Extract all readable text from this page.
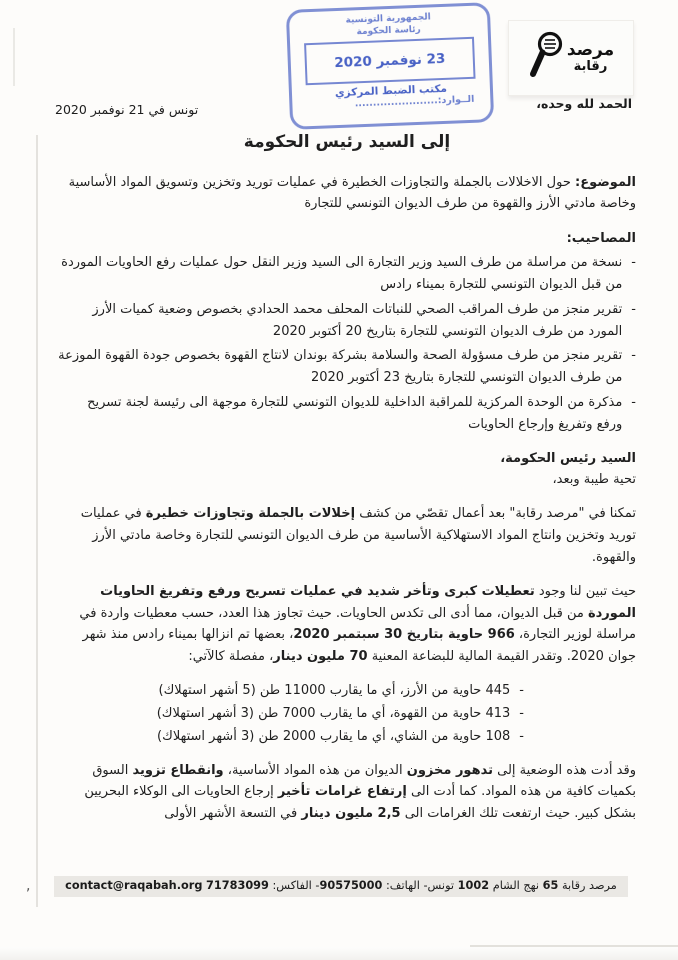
,
الجمهورية التونسية
رئاسة الحكومة
23 نوفمبر 2020
مكتب الضبط المركزي
الــوارد:.......................
مرصد
رقابة
الحمد لله وحده،
تونس في 21 نوفمبر 2020
إلى السيد رئيس الحكومة

الموضوع: حول الاخلالات بالجملة والتجاوزات الخطيرة في عمليات توريد وتخزين وتسويق المواد الأساسية وخاصة مادتي الأرز والقهوة من طرف الديوان التونسي للتجارة

المصاحيب:
-
نسخة من مراسلة من طرف السيد وزير التجارة الى السيد وزير النقل حول عمليات رفع الحاويات الموردة من قبل الديوان التونسي للتجارة بميناء رادس
-
تقرير منجز من طرف المراقب الصحي للنباتات المحلف محمد الحدادي بخصوص وضعية كميات الأرز المورد من طرف الديوان التونسي للتجارة بتاريخ 20 أكتوبر 2020
-
تقرير منجز من طرف مسؤولة الصحة والسلامة بشركة بوندان لانتاج القهوة بخصوص جودة القهوة الموزعة من طرف الديوان التونسي للتجارة بتاريخ 23 أكتوبر 2020
-
مذكرة من الوحدة المركزية للمراقبة الداخلية للديوان التونسي للتجارة موجهة الى رئيسة لجنة تسريح ورفع وتفريغ وإرجاع الحاويات

السيد رئيس الحكومة،

تحية طيبة وبعد،

تمكنا في "مرصد رقابة" بعد أعمال تقصّي من كشف إخلالات بالجملة وتجاوزات خطيرة في عمليات توريد وتخزين وانتاج المواد الاستهلاكية الأساسية من طرف الديوان التونسي للتجارة وخاصة مادتي الأرز والقهوة.

حيث تبين لنا وجود تعطيلات كبرى وتأخر شديد في عمليات تسريح ورفع وتفريغ الحاويات الموردة من قبل الديوان، مما أدى الى تكدس الحاويات. حيث تجاوز هذا العدد، حسب معطيات واردة في مراسلة لوزير التجارة، 966 حاوية بتاريخ 30 سبتمبر 2020، بعضها تم انزالها بميناء رادس منذ شهر جوان 2020. وتقدر القيمة المالية للبضاعة المعنية 70 مليون دينار، مفصلة كالآتي:

-
445 حاوية من الأرز، أي ما يقارب 11000 طن (5 أشهر استهلاك)
-
413 حاوية من القهوة، أي ما يقارب 7000 طن (3 أشهر استهلاك)
-
108 حاوية من الشاي، أي ما يقارب 2000 طن (3 أشهر استهلاك)

وقد أدت هذه الوضعية إلى تدهور مخزون الديوان من هذه المواد الأساسية، وانقطاع تزويد السوق بكميات كافية من هذه المواد. كما أدت الى إرتفاع غرامات تأخير إرجاع الحاويات الى الوكلاء البحريين بشكل كبير. حيث ارتفعت تلك الغرامات الى 2,5 مليون دينار في التسعة الأشهر الأولى

مرصد رقابة 65 نهج الشام 1002 تونس- الهاتف: 90575000- الفاكس: 71783099 contact@raqabah.org
